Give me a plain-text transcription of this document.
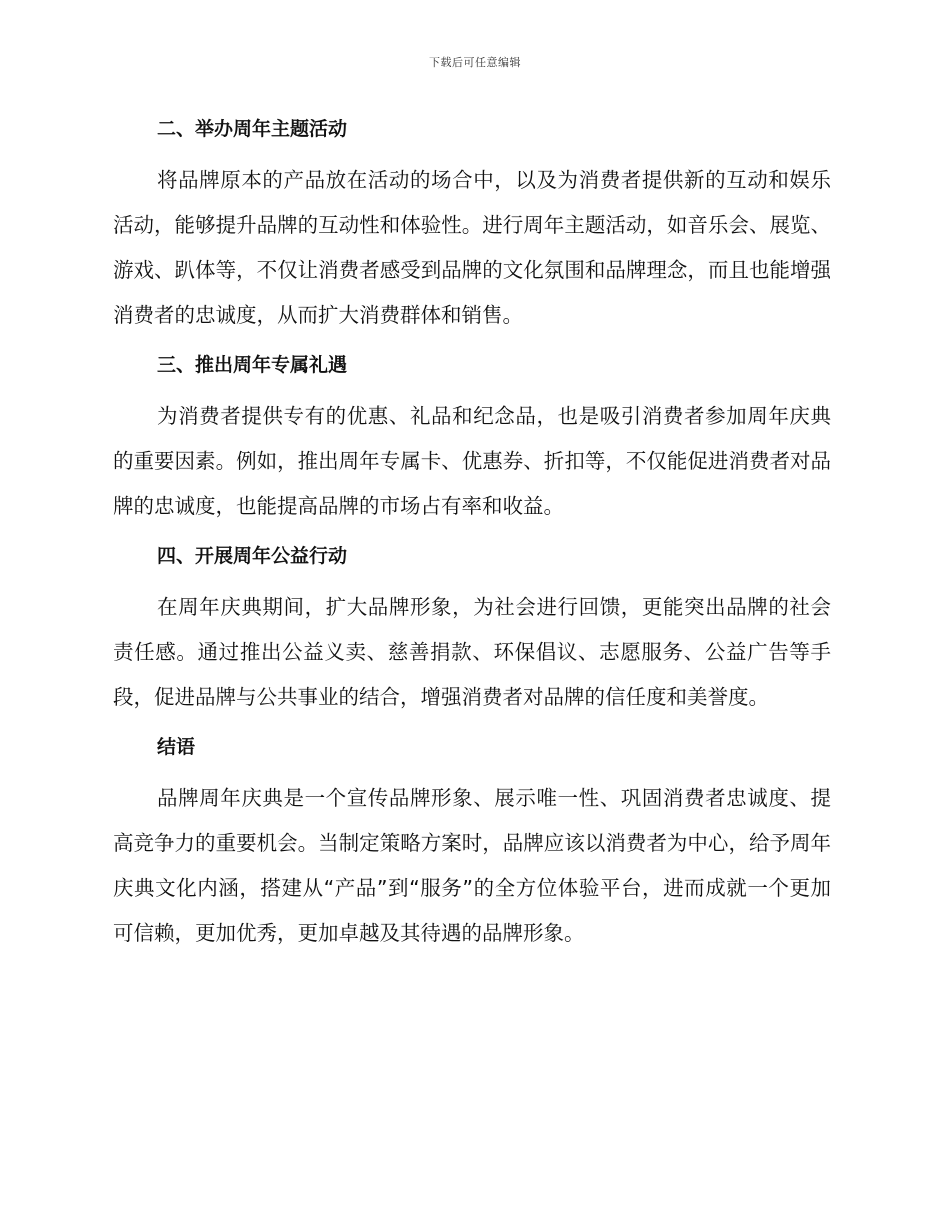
下载后可任意编辑
二、举办周年主题活动

将品牌原本的产品放在活动的场合中，以及为消费者提供新的互动和娱乐活动，能够提升品牌的互动性和体验性。进行周年主题活动，如音乐会、展览、游戏、趴体等，不仅让消费者感受到品牌的文化氛围和品牌理念，而且也能增强消费者的忠诚度，从而扩大消费群体和销售。

三、推出周年专属礼遇

为消费者提供专有的优惠、礼品和纪念品，也是吸引消费者参加周年庆典的重要因素。例如，推出周年专属卡、优惠券、折扣等，不仅能促进消费者对品牌的忠诚度，也能提高品牌的市场占有率和收益。

四、开展周年公益行动

在周年庆典期间，扩大品牌形象，为社会进行回馈，更能突出品牌的社会责任感。通过推出公益义卖、慈善捐款、环保倡议、志愿服务、公益广告等手段，促进品牌与公共事业的结合，增强消费者对品牌的信任度和美誉度。

结语

品牌周年庆典是一个宣传品牌形象、展示唯一性、巩固消费者忠诚度、提高竞争力的重要机会。当制定策略方案时，品牌应该以消费者为中心，给予周年庆典文化内涵，搭建从“产品”到“服务”的全方位体验平台，进而成就一个更加可信赖，更加优秀，更加卓越及其待遇的品牌形象。
